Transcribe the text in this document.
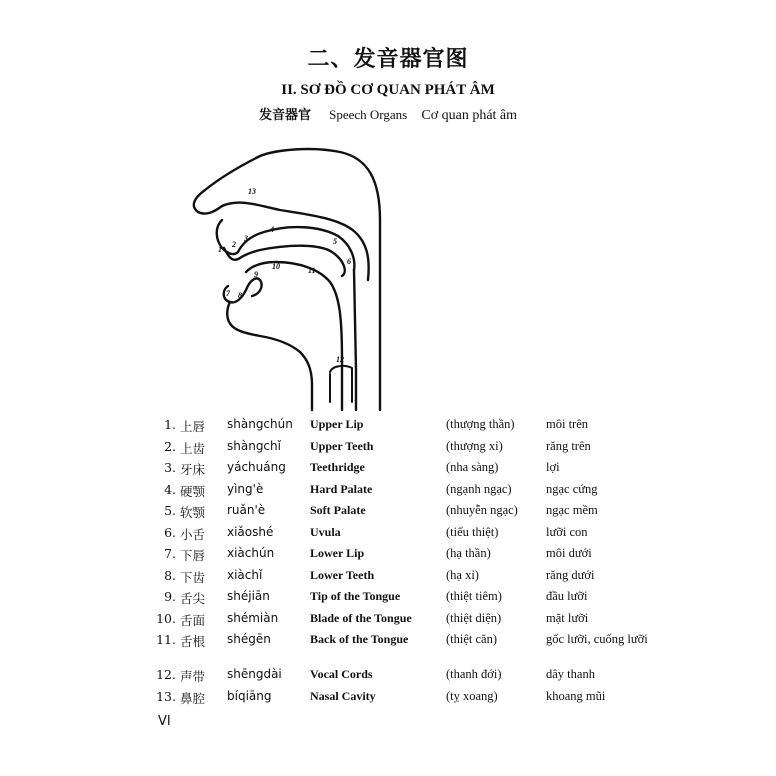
二、发音器官图
II. SƠ ĐỒ CƠ QUAN PHÁT ÂM
发音器官 Speech Organs Cơ quan phát âm
1
2
3
4
5
6
7 8
9
10	11
12
13
1. 上唇 shàngchún Upper Lip	(thượng thần)	môi trên
2. 上齿 shàngchǐ Upper Teeth	(thượng xỉ)	răng trên
3. 牙床 yáchuáng Teethridge	(nha sàng)	lợi
4. 硬颚 yìng'è	Hard Palate	(ngạnh ngạc)	ngạc cứng
5. 软颚 ruǎn'è	Soft Palate	(nhuyễn ngạc) ngạc mềm
6. 小舌 xiǎoshé	Uvula	(tiểu thiệt)	lưỡi con
7. 下唇 xiàchún	Lower Lip	(hạ thần)	môi dưới
8. 下齿 xiàchǐ	Lower Teeth	(hạ xỉ)	răng dưới
9. 舌尖 shéjiān	Tip of the Tongue	(thiệt tiêm)	đầu lưỡi
10. 舌面 shémiàn	Blade of the Tongue	(thiệt diện)	mặt lưỡi
11. 舌根 shégēn	Back of the Tongue	(thiệt căn)	gốc lưỡi, cuống lưỡi
12. 声带 shēngdài Vocal Cords	(thanh đới)	dây thanh
13. 鼻腔 bíqiāng	Nasal Cavity	(tỵ xoang)	khoang mũi
VI
